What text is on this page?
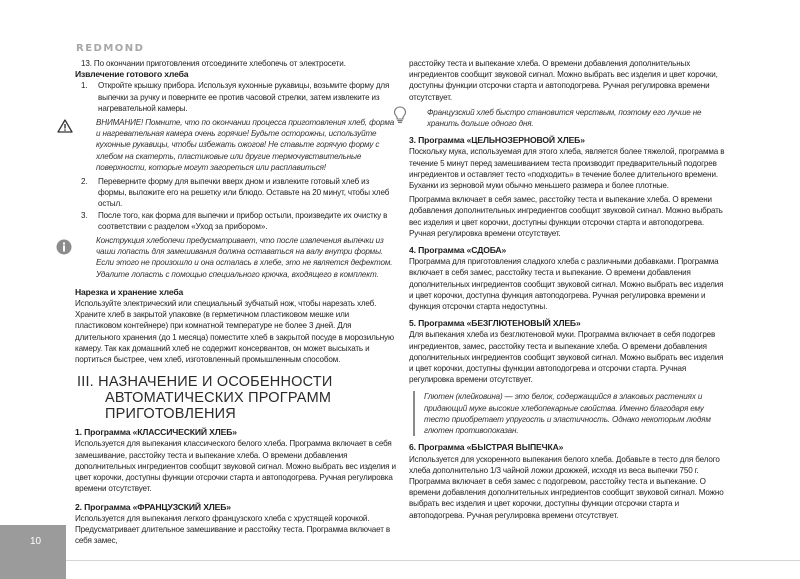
REDMOND

13. По окончании приготовления отсоедините хлебопечь от электросети.

Извлечение готового хлеба

1.	Откройте крышку прибора. Используя кухонные рукавицы, возьмите форму для выпечки за ручку и поверните ее против часовой стрелки, затем извлеките из нагревательной камеры.

ВНИМАНИЕ! Помните, что по окончании процесса приготовления хлеб, форма и нагревательная камера очень горячие! Будьте осторожны, используйте кухонные рукавицы, чтобы избежать ожогов! Не ставьте горячую форму с хлебом на скатерть, пластиковые или другие термочувствительные поверхности, которые могут загореться или расплавиться!

2.	Переверните форму для выпечки вверх дном и извлеките готовый хлеб из формы, выложите его на решетку или блюдо. Оставьте на 20 минут, чтобы хлеб остыл.
3.	После того, как форма для выпечки и прибор остыли, произведите их очистку в соответствии с разделом «Уход за прибором».

Конструкция хлебопечи предусматривает, что после извлечения выпечки из чаши лопасть для замешивания должна оставаться на валу внутри формы. Если этого не произошло и она осталась в хлебе, это не является дефектом. Удалите лопасть с помощью специального крючка, входящего в комплект.

Нарезка и хранение хлеба

Используйте электрический или специальный зубчатый нож, чтобы нарезать хлеб. Храните хлеб в закрытой упаковке (в герметичном пластиковом мешке или пластиковом контейнере) при комнатной температуре не более 3 дней. Для длительного хранения (до 1 месяца) поместите хлеб в закрытой посуде в морозильную камеру. Так как домашний хлеб не содержит консервантов, он может высыхать и портиться быстрее, чем хлеб, изготовленный промышленным способом.

III. НАЗНАЧЕНИЕ И ОСОБЕННОСТИ

АВТОМАТИЧЕСКИХ ПРОГРАММ ПРИГОТОВЛЕНИЯ

1. Программа «КЛАССИЧЕСКИЙ ХЛЕБ»

Используется для выпекания классического белого хлеба. Программа включает в себя замешивание, расстойку теста и выпекание хлеба. О времени добавления дополнительных ингредиентов сообщит звуковой сигнал. Можно выбрать вес изделия и цвет корочки, доступны функции отсрочки старта и автоподогрева. Ручная регулировка времени отсутствует.

2. Программа «ФРАНЦУЗСКИЙ ХЛЕБ»

Используется для выпекания легкого французского хлеба с хрустящей корочкой. Предусматривает длительное замешивание и расстойку теста. Программа включает в себя замес,

расстойку теста и выпекание хлеба. О времени добавления дополнительных ингредиентов сообщит звуковой сигнал. Можно выбрать вес изделия и цвет корочки, доступны функции отсрочки старта и автоподогрева. Ручная регулировка времени отсутствует.

Французский хлеб быстро становится черствым, поэтому его лучше не хранить дольше одного дня.

3. Программа «ЦЕЛЬНОЗЕРНОВОЙ ХЛЕБ»

Поскольку мука, используемая для этого хлеба, является более тяжелой, программа в течение 5 минут перед замешиванием теста производит предварительный подогрев ингредиентов и оставляет тесто «подходить» в течение более длительного времени. Буханки из зерновой муки обычно меньшего размера и более плотные.

Программа включает в себя замес, расстойку теста и выпекание хлеба. О времени добавления дополнительных ингредиентов сообщит звуковой сигнал. Можно выбрать вес изделия и цвет корочки, доступны функции отсрочки старта и автоподогрева. Ручная регулировка времени отсутствует.

4. Программа «СДОБА»

Программа для приготовления сладкого хлеба с различными добавками. Программа включает в себя замес, расстойку теста и выпекание. О времени добавления дополнительных ингредиентов сообщит звуковой сигнал. Можно выбрать вес изделия и цвет корочки, доступна функция автоподогрева. Ручная регулировка времени и функция отсрочки старта недоступны.

5. Программа «БЕЗГЛЮТЕНОВЫЙ ХЛЕБ»

Для выпекания хлеба из безглютеновой муки. Программа включает в себя подогрев ингредиентов, замес, расстойку теста и выпекание хлеба. О времени добавления дополнительных ингредиентов сообщит звуковой сигнал. Можно выбрать вес изделия и цвет корочки, доступны функции автоподогрева и отсрочки старта. Ручная регулировка времени отсутствует.

Глютен (клейковина) — это белок, содержащийся в злаковых растениях и придающий муке высокие хлебопекарные свойства. Именно благодаря ему тесто приобретает упругость и эластичность. Однако некоторым людям глютен противопоказан.

6. Программа «БЫСТРАЯ ВЫПЕЧКА»

Используется для ускоренного выпекания белого хлеба. Добавьте в тесто для белого хлеба дополнительно 1/3 чайной ложки дрожжей, исходя из веса выпечки 750 г. Программа включает в себя замес с подогревом, расстойку теста и выпекание. О времени добавления дополнительных ингредиентов сообщит звуковой сигнал. Можно выбрать вес изделия и цвет корочки, доступны функции отсрочки старта и автоподогрева. Ручная регулировка времени отсутствует.

10
